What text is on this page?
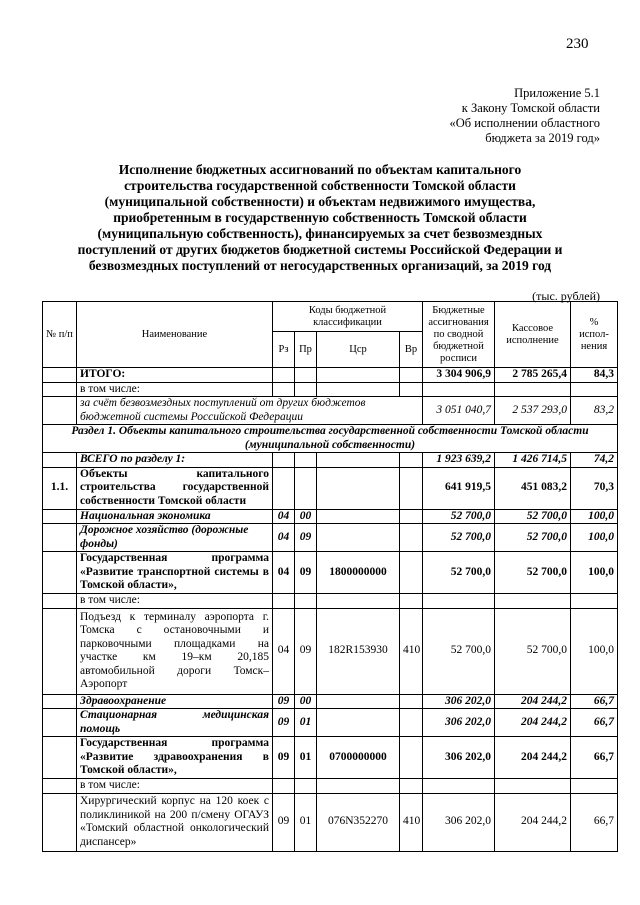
230
Приложение 5.1
к Закону Томской области
«Об исполнении областного
бюджета за 2019 год»
Исполнение бюджетных ассигнований по объектам капитального
строительства государственной собственности Томской области
(муниципальной собственности) и объектам недвижимого имущества,
приобретенным в государственную собственность Томской области
(муниципальную собственность), финансируемых за счет безвозмездных
поступлений от других бюджетов бюджетной системы Российской Федерации и
безвозмездных поступлений от негосударственных организаций, за 2019 год
(тыс. рублей)
№ п/п	Наименование	Коды бюджетной классификации				Бюджетные ассигнования по сводной бюджетной росписи	Кассовое исполнение	% испол-нения
		Рз	Пр	Цср	Вр			
	ИТОГО:					3 304 906,9	2 785 265,4	84,3
	в том числе:							
	за счёт безвозмездных поступлений от других бюджетов бюджетной системы Российской Федерации					3 051 040,7	2 537 293,0	83,2
Раздел 1. Объекты капитального строительства государственной собственности Томской области (муниципальной собственности)								
	ВСЕГО по разделу 1:					1 923 639,2	1 426 714,5	74,2
1.1.	Объекты капитального строительства государственной собственности Томской области					641 919,5	451 083,2	70,3
	Национальная экономика	04	00			52 700,0	52 700,0	100,0
	Дорожное хозяйство (дорожные фонды)	04	09			52 700,0	52 700,0	100,0
	Государственная программа «Развитие транспортной системы в Томской области»,	04	09	1800000000		52 700,0	52 700,0	100,0
	в том числе:							
	Подъезд к терминалу аэропорта г. Томска с остановочными и парковочными площадками на участке км 19–км 20,185 автомобильной дороги Томск–Аэропорт	04	09	182R153930	410	52 700,0	52 700,0	100,0
	Здравоохранение	09	00			306 202,0	204 244,2	66,7
	Стационарная медицинская помощь	09	01			306 202,0	204 244,2	66,7
	Государственная программа «Развитие здравоохранения в Томской области»,	09	01	0700000000		306 202,0	204 244,2	66,7
	в том числе:							
	Хирургический корпус на 120 коек с поликлиникой на 200 п/смену ОГАУЗ «Томский областной онкологический диспансер»	09	01	076N352270	410	306 202,0	204 244,2	66,7
